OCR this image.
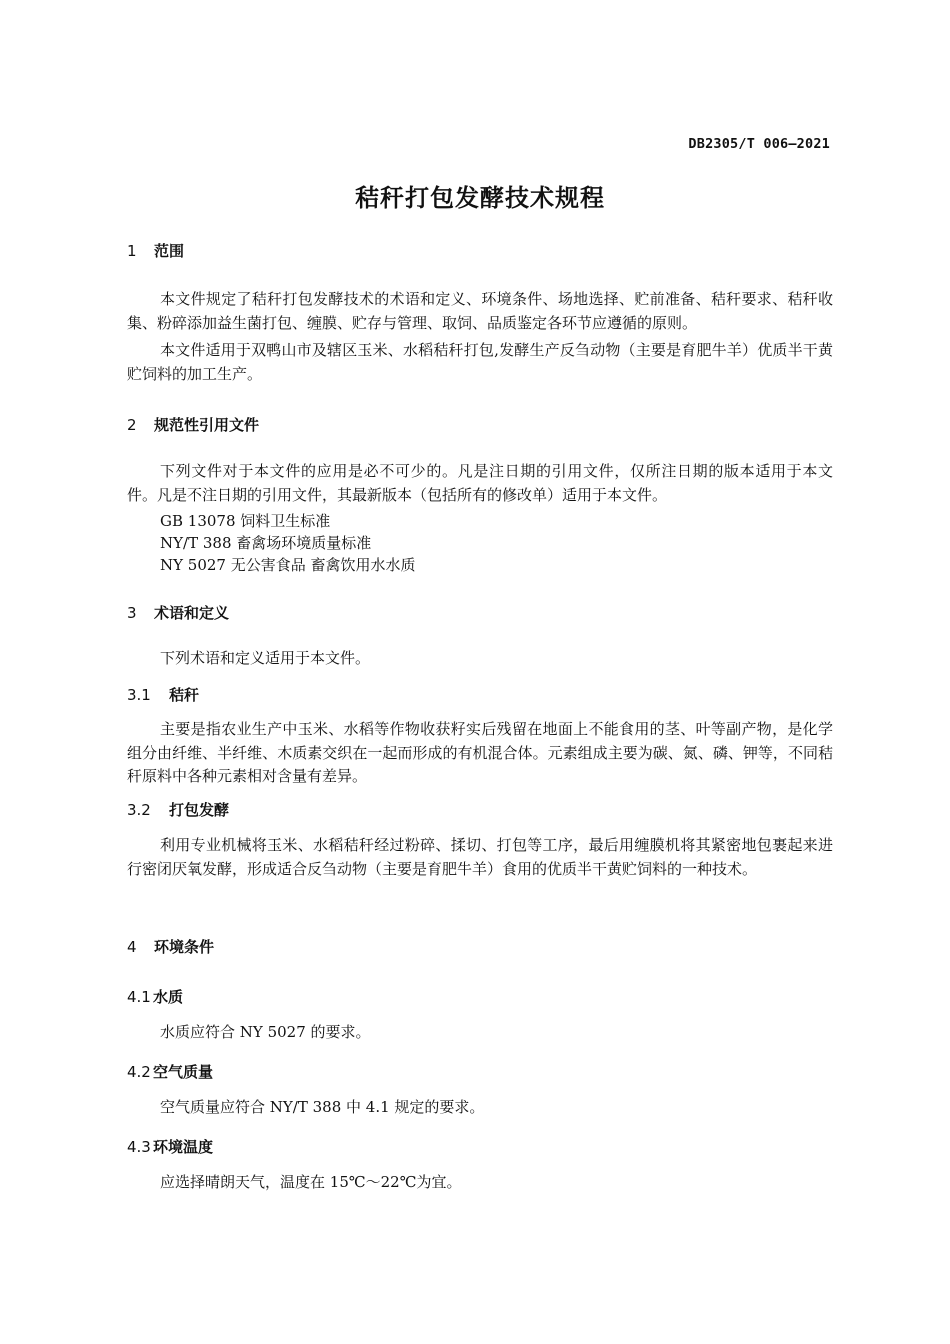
DB2305/T 006—2021
秸秆打包发酵技术规程
1 范围
本文件规定了秸秆打包发酵技术的术语和定义、环境条件、场地选择、贮前准备、秸秆要求、秸秆收集、粉碎添加益生菌打包、缠膜、贮存与管理、取饲、品质鉴定各环节应遵循的原则。
本文件适用于双鸭山市及辖区玉米、水稻秸秆打包,发酵生产反刍动物（主要是育肥牛羊）优质半干黄贮饲料的加工生产。
2 规范性引用文件
下列文件对于本文件的应用是必不可少的。凡是注日期的引用文件，仅所注日期的版本适用于本文件。凡是不注日期的引用文件，其最新版本（包括所有的修改单）适用于本文件。
GB 13078 饲料卫生标准
NY/T 388 畜禽场环境质量标准
NY 5027 无公害食品 畜禽饮用水水质
3 术语和定义
下列术语和定义适用于本文件。
3.1 秸秆
主要是指农业生产中玉米、水稻等作物收获籽实后残留在地面上不能食用的茎、叶等副产物，是化学组分由纤维、半纤维、木质素交织在一起而形成的有机混合体。元素组成主要为碳、氮、磷、钾等，不同秸秆原料中各种元素相对含量有差异。
3.2 打包发酵
利用专业机械将玉米、水稻秸秆经过粉碎、揉切、打包等工序，最后用缠膜机将其紧密地包裹起来进行密闭厌氧发酵，形成适合反刍动物（主要是育肥牛羊）食用的优质半干黄贮饲料的一种技术。
4 环境条件
4.1 水质
水质应符合 NY 5027 的要求。
4.2 空气质量
空气质量应符合 NY/T 388 中 4.1 规定的要求。
4.3 环境温度
应选择晴朗天气，温度在 15℃～22℃为宜。
